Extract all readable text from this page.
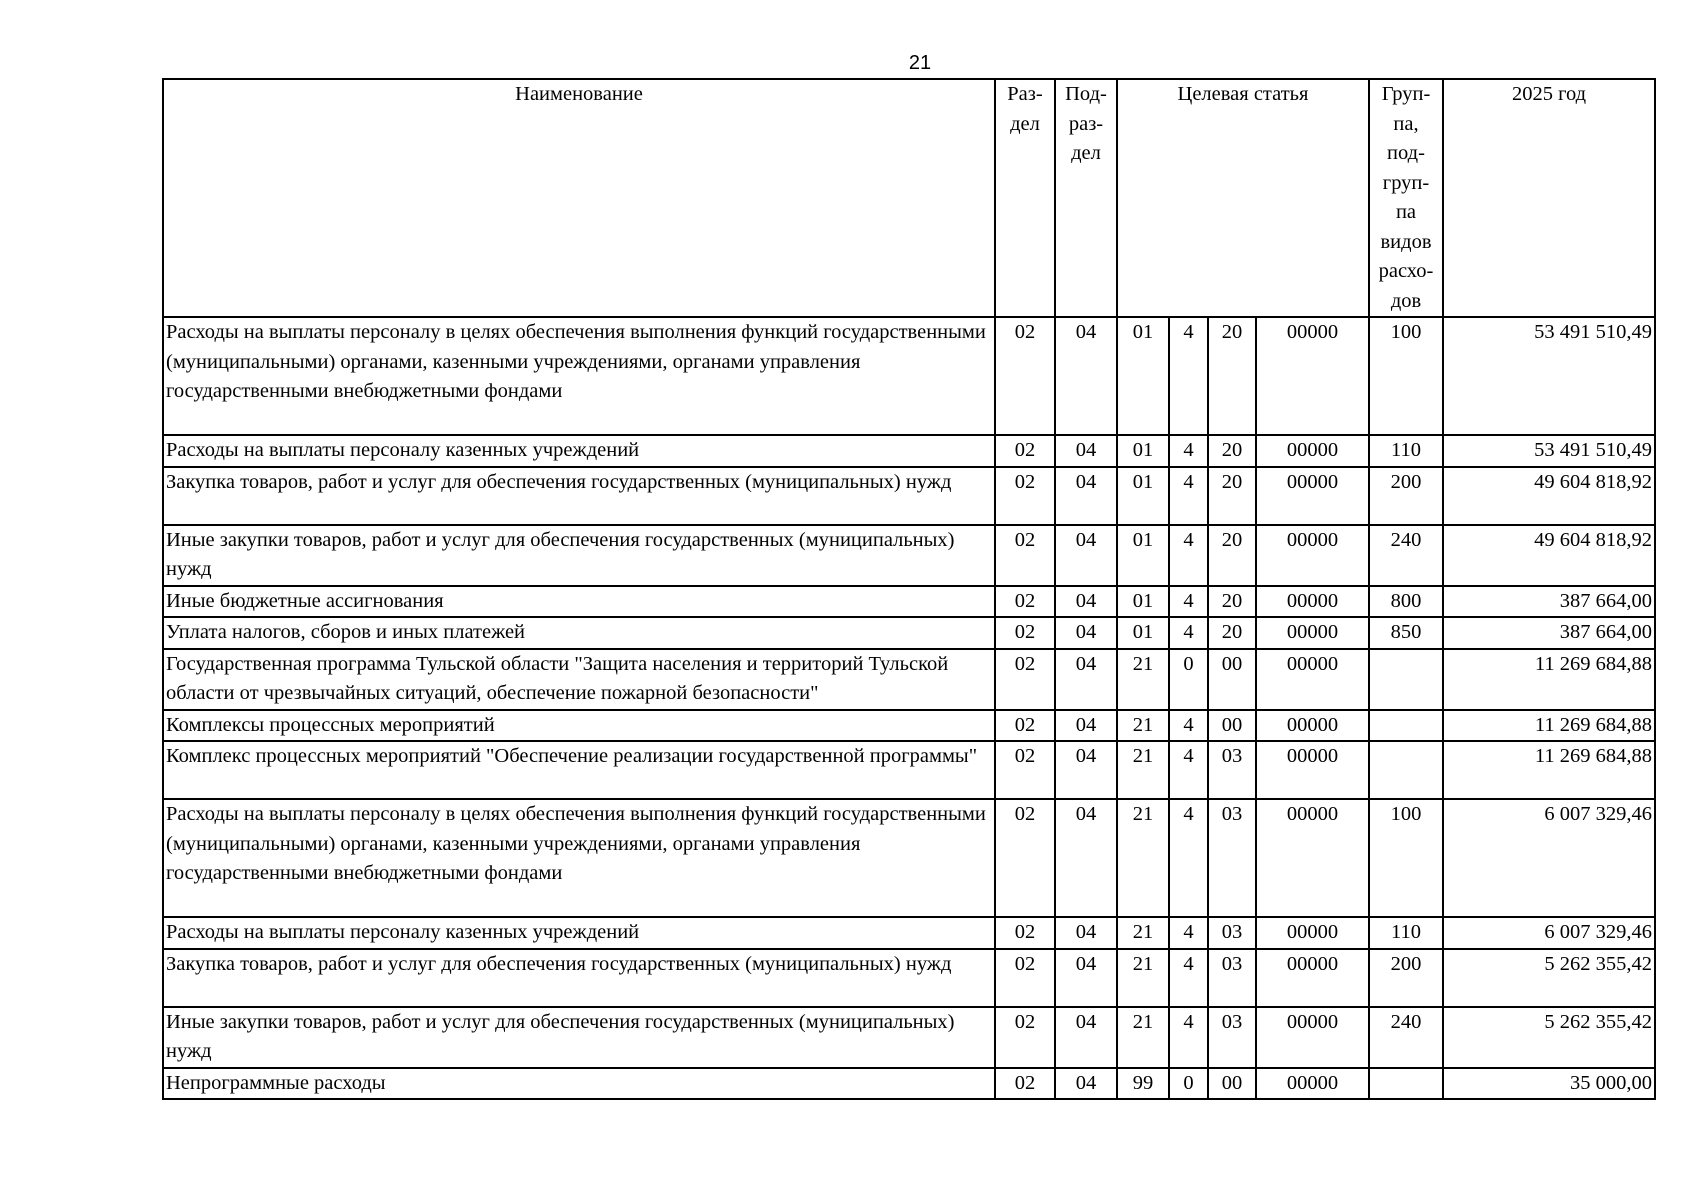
21
Наименование	Раз- дел	Под- раз- дел	Целевая статья				Груп- па, под- груп- па видов расхо- дов	2025 год
Расходы на выплаты персоналу в целях обеспечения выполнения функций государственными (муниципальными) органами, казенными учреждениями, органами управления государственными внебюджетными фондами	02	04	01	4	20	00000	100	53 491 510,49
Расходы на выплаты персоналу казенных учреждений	02	04	01	4	20	00000	110	53 491 510,49
Закупка товаров, работ и услуг для обеспечения государственных (муниципальных) нужд	02	04	01	4	20	00000	200	49 604 818,92
Иные закупки товаров, работ и услуг для обеспечения государственных (муниципальных) нужд	02	04	01	4	20	00000	240	49 604 818,92
Иные бюджетные ассигнования	02	04	01	4	20	00000	800	387 664,00
Уплата налогов, сборов и иных платежей	02	04	01	4	20	00000	850	387 664,00
Государственная программа Тульской области "Защита населения и территорий Тульской области от чрезвычайных ситуаций, обеспечение пожарной безопасности"	02	04	21	0	00	00000		11 269 684,88
Комплексы процессных мероприятий	02	04	21	4	00	00000		11 269 684,88
Комплекс процессных мероприятий "Обеспечение реализации государственной программы"	02	04	21	4	03	00000		11 269 684,88
Расходы на выплаты персоналу в целях обеспечения выполнения функций государственными (муниципальными) органами, казенными учреждениями, органами управления государственными внебюджетными фондами	02	04	21	4	03	00000	100	6 007 329,46
Расходы на выплаты персоналу казенных учреждений	02	04	21	4	03	00000	110	6 007 329,46
Закупка товаров, работ и услуг для обеспечения государственных (муниципальных) нужд	02	04	21	4	03	00000	200	5 262 355,42
Иные закупки товаров, работ и услуг для обеспечения государственных (муниципальных) нужд	02	04	21	4	03	00000	240	5 262 355,42
Непрограммные расходы	02	04	99	0	00	00000		35 000,00
